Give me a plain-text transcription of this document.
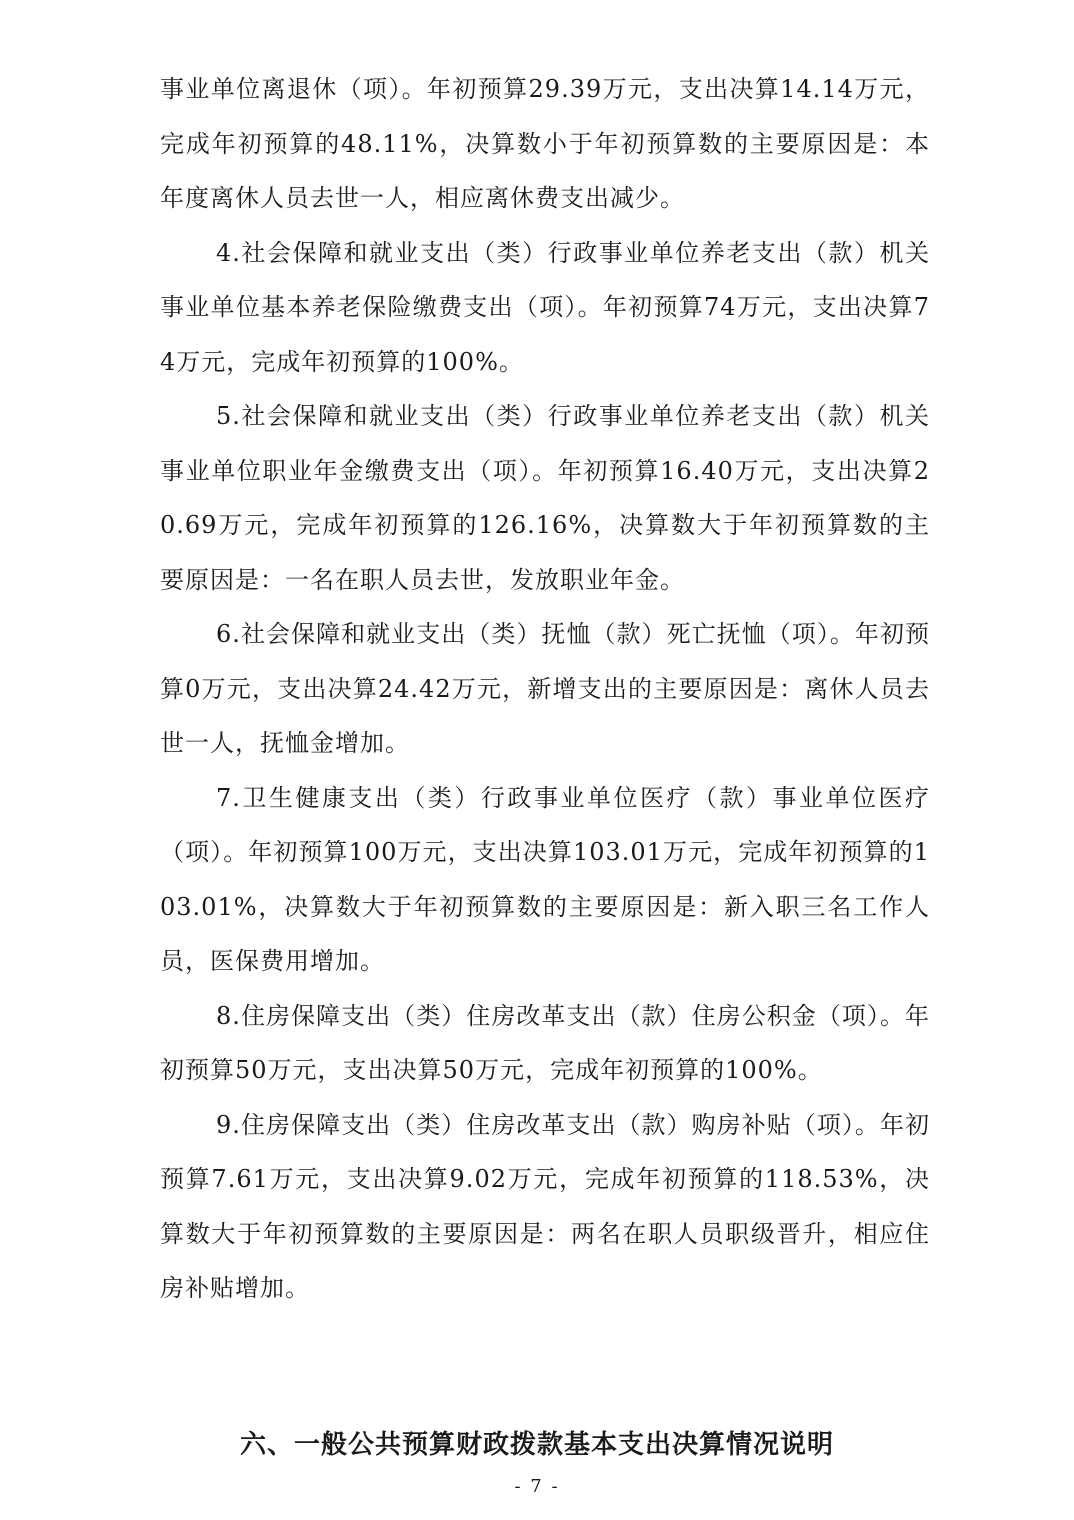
事业单位离退休（项）。年初预算29.39万元，支出决算14.14万元，完成年初预算的48.11%，决算数小于年初预算数的主要原因是：本年度离休人员去世一人，相应离休费支出减少。

4.社会保障和就业支出（类）行政事业单位养老支出（款）机关事业单位基本养老保险缴费支出（项）。年初预算74万元，支出决算74万元，完成年初预算的100%。

5.社会保障和就业支出（类）行政事业单位养老支出（款）机关事业单位职业年金缴费支出（项）。年初预算16.40万元，支出决算20.69万元，完成年初预算的126.16%，决算数大于年初预算数的主要原因是：一名在职人员去世，发放职业年金。

6.社会保障和就业支出（类）抚恤（款）死亡抚恤（项）。年初预算0万元，支出决算24.42万元，新增支出的主要原因是：离休人员去世一人，抚恤金增加。

7.卫生健康支出（类）行政事业单位医疗（款）事业单位医疗（项）。年初预算100万元，支出决算103.01万元，完成年初预算的103.01%，决算数大于年初预算数的主要原因是：新入职三名工作人员，医保费用增加。

8.住房保障支出（类）住房改革支出（款）住房公积金（项）。年初预算50万元，支出决算50万元，完成年初预算的100%。

9.住房保障支出（类）住房改革支出（款）购房补贴（项）。年初预算7.61万元，支出决算9.02万元，完成年初预算的118.53%，决算数大于年初预算数的主要原因是：两名在职人员职级晋升，相应住房补贴增加。

六、一般公共预算财政拨款基本支出决算情况说明
- 7 -
